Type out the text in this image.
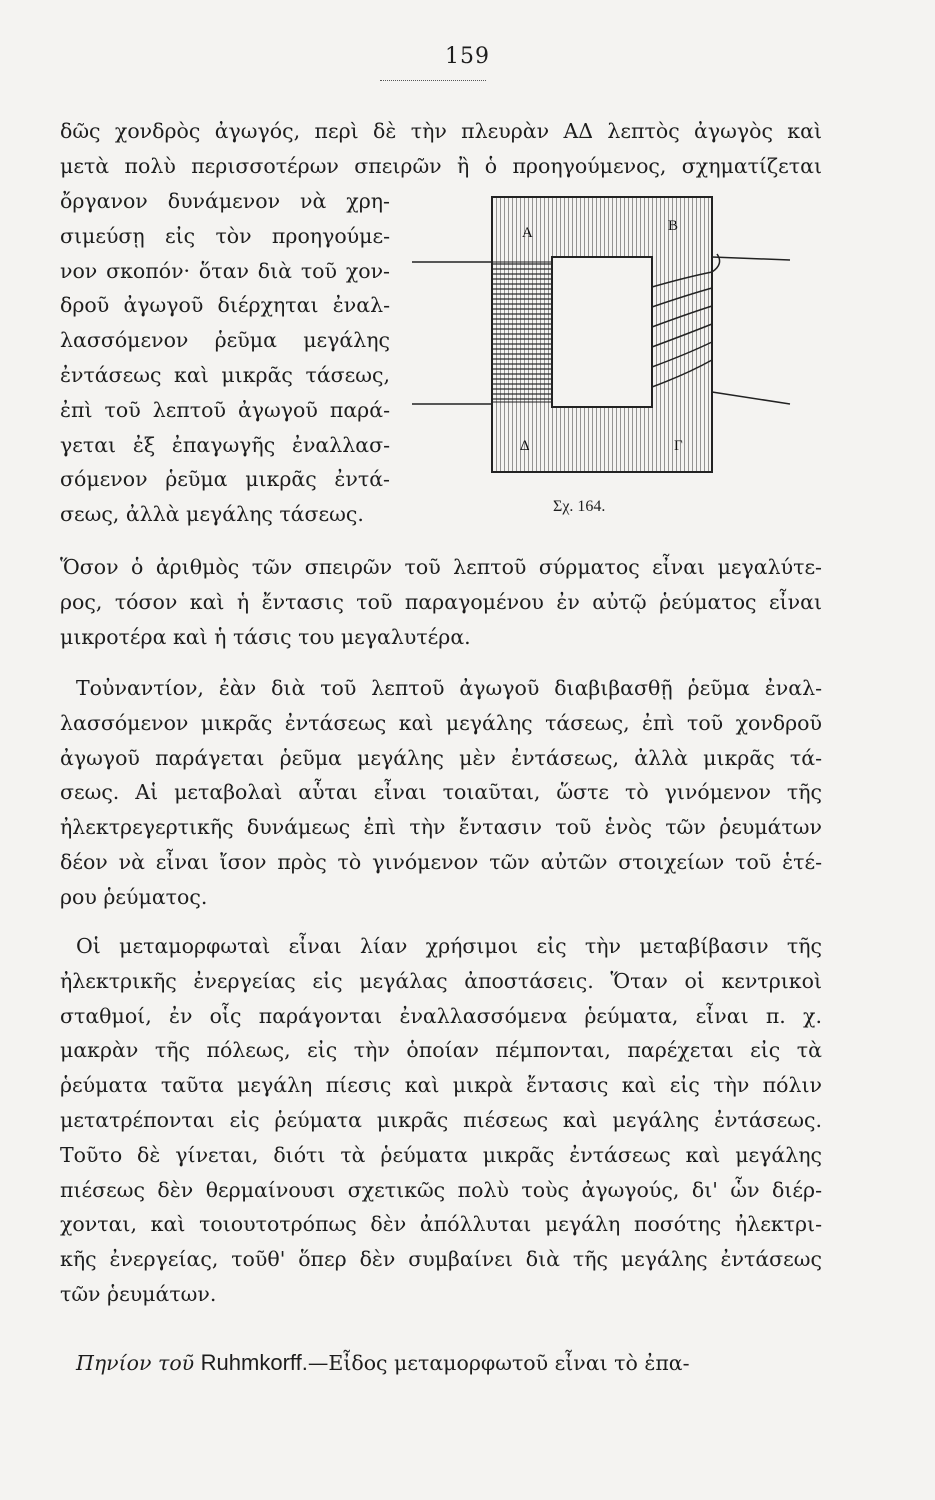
159
δῶς χονδρὸς ἀγωγός, περὶ δὲ τὴν πλευρὰν ΑΔ λεπτὸς ἀγωγὸς καὶ
μετὰ πολὺ περισσοτέρων σπειρῶν ἢ ὁ προηγούμενος, σχηματίζεται
ὄργανον δυνάμενον νὰ χρη-
σιμεύσῃ εἰς τὸν προηγούμε-
νον σκοπόν· ὅταν διὰ τοῦ χον-
δροῦ ἀγωγοῦ διέρχηται ἐναλ-
λασσόμενον ῥεῦμα μεγάλης
ἐντάσεως καὶ μικρᾶς τάσεως,
ἐπὶ τοῦ λεπτοῦ ἀγωγοῦ παρά-
γεται ἐξ ἐπαγωγῆς ἐναλλασ-
σόμενον ῥεῦμα μικρᾶς ἐντά-
σεως, ἀλλὰ μεγάλης τάσεως.
Α	Β
Γ
Δ
Σχ. 164.
Ὅσον ὁ ἀριθμὸς τῶν σπειρῶν τοῦ λεπτοῦ σύρματος εἶναι μεγαλύτε-
ρος, τόσον καὶ ἡ ἔντασις τοῦ παραγομένου ἐν αὐτῷ ῥεύματος εἶναι
μικροτέρα καὶ ἡ τάσις του μεγαλυτέρα.
Τοὐναντίον, ἐὰν διὰ τοῦ λεπτοῦ ἀγωγοῦ διαβιβασθῇ ῥεῦμα ἐναλ-
λασσόμενον μικρᾶς ἐντάσεως καὶ μεγάλης τάσεως, ἐπὶ τοῦ χονδροῦ
ἀγωγοῦ παράγεται ῥεῦμα μεγάλης μὲν ἐντάσεως, ἀλλὰ μικρᾶς τά-
σεως. Αἱ μεταβολαὶ αὗται εἶναι τοιαῦται, ὥστε τὸ γινόμενον τῆς
ἠλεκτρεγερτικῆς δυνάμεως ἐπὶ τὴν ἔντασιν τοῦ ἑνὸς τῶν ῥευμάτων
δέον νὰ εἶναι ἴσον πρὸς τὸ γινόμενον τῶν αὐτῶν στοιχείων τοῦ ἑτέ-
ρου ῥεύματος.
Οἱ μεταμορφωταὶ εἶναι λίαν χρήσιμοι εἰς τὴν μεταβίβασιν τῆς
ἠλεκτρικῆς ἐνεργείας εἰς μεγάλας ἀποστάσεις. Ὅταν οἱ κεντρικοὶ
σταθμοί, ἐν οἷς παράγονται ἐναλλασσόμενα ῥεύματα, εἶναι π. χ.
μακρὰν τῆς πόλεως, εἰς τὴν ὁποίαν πέμπονται, παρέχεται εἰς τὰ
ῥεύματα ταῦτα μεγάλη πίεσις καὶ μικρὰ ἔντασις καὶ εἰς τὴν πόλιν
μετατρέπονται εἰς ῥεύματα μικρᾶς πιέσεως καὶ μεγάλης ἐντάσεως.
Τοῦτο δὲ γίνεται, διότι τὰ ῥεύματα μικρᾶς ἐντάσεως καὶ μεγάλης
πιέσεως δὲν θερμαίνουσι σχετικῶς πολὺ τοὺς ἀγωγούς, δι' ὧν διέρ-
χονται, καὶ τοιουτοτρόπως δὲν ἀπόλλυται μεγάλη ποσότης ἠλεκτρι-
κῆς ἐνεργείας, τοῦθ' ὅπερ δὲν συμβαίνει διὰ τῆς μεγάλης ἐντάσεως
τῶν ῥευμάτων.
Πηνίον τοῦ Ruhmkorff.—Εἶδος μεταμορφωτοῦ εἶναι τὸ ἐπα-
